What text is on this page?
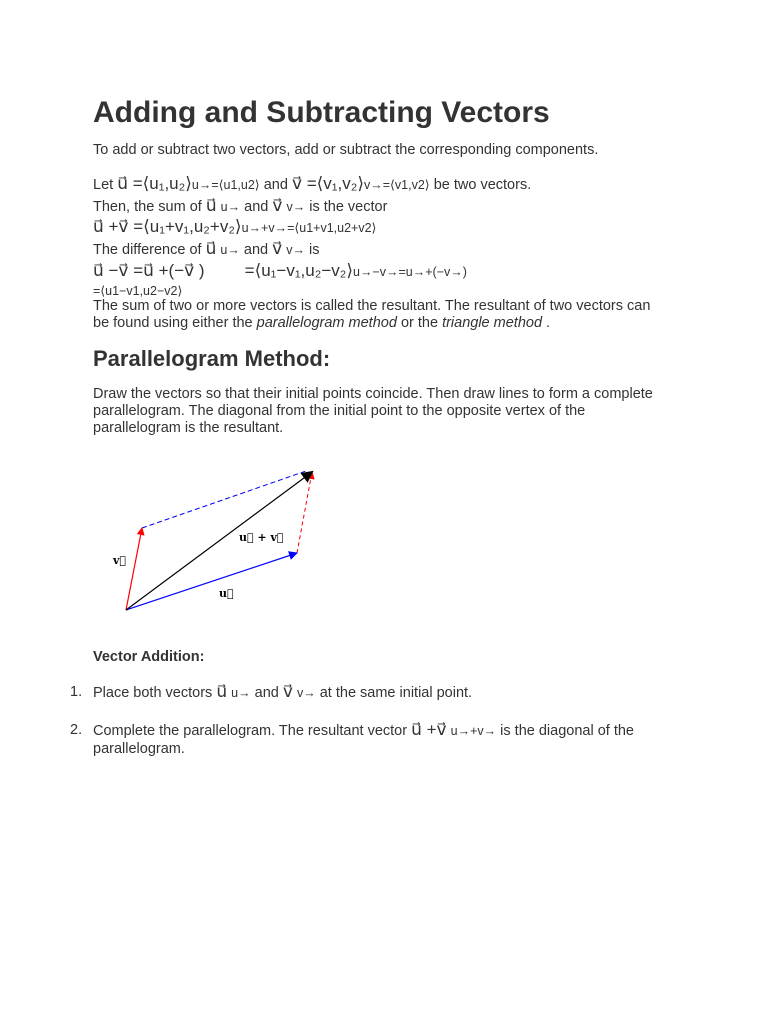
Adding and Subtracting Vectors
To add or subtract two vectors, add or subtract the corresponding components.
Let u⃗ =⟨u₁,u₂⟩u→=⟨u1,u2⟩ and v⃗ =⟨v₁,v₂⟩v→=⟨v1,v2⟩ be two vectors.
Then, the sum of u⃗ u→ and v⃗ v→ is the vector
u⃗ +v⃗ =⟨u₁+v₁,u₂+v₂⟩u→+v→=⟨u1+v1,u2+v2⟩
The difference of u⃗ u→ and v⃗ v→ is
u⃗ −v⃗ =u⃗ +(−v⃗ ) =⟨u₁−v₁,u₂−v₂⟩u→−v→=u→+(−v→)
=⟨u1−v1,u2−v2⟩
The sum of two or more vectors is called the resultant. The resultant of two vectors can be found using either the parallelogram method or the triangle method .
Parallelogram Method:
Draw the vectors so that their initial points coincide. Then draw lines to form a complete parallelogram. The diagonal from the initial point to the opposite vertex of the parallelogram is the resultant.
u⃗ + v⃗
u⃗
v⃗
Vector Addition:
1. Place both vectors u⃗ u→ and v⃗ v→ at the same initial point.
2. Complete the parallelogram. The resultant vector u⃗ +v⃗ u→+v→ is the diagonal of the parallelogram.
